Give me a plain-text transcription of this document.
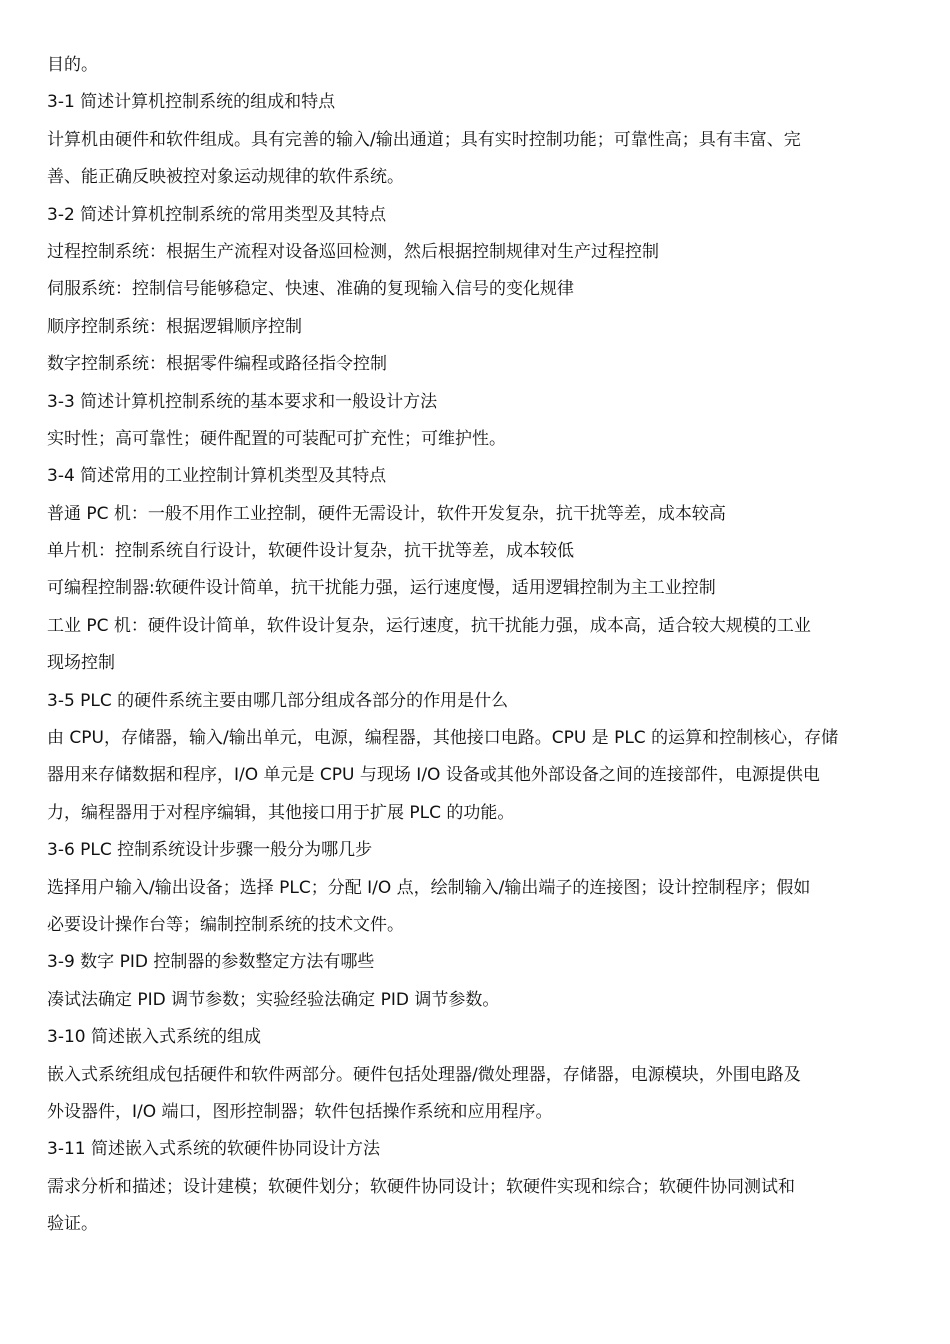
目的。
3-1 简述计算机控制系统的组成和特点
计算机由硬件和软件组成。具有完善的输入/输出通道；具有实时控制功能；可靠性高；具有丰富、完
善、能正确反映被控对象运动规律的软件系统。
3-2 简述计算机控制系统的常用类型及其特点
过程控制系统：根据生产流程对设备巡回检测，然后根据控制规律对生产过程控制
伺服系统：控制信号能够稳定、快速、准确的复现输入信号的变化规律
顺序控制系统：根据逻辑顺序控制
数字控制系统：根据零件编程或路径指令控制
3-3 简述计算机控制系统的基本要求和一般设计方法
实时性；高可靠性；硬件配置的可装配可扩充性；可维护性。
3-4 简述常用的工业控制计算机类型及其特点
普通 PC 机：一般不用作工业控制，硬件无需设计，软件开发复杂，抗干扰等差，成本较高
单片机：控制系统自行设计，软硬件设计复杂，抗干扰等差，成本较低
可编程控制器:软硬件设计简单，抗干扰能力强，运行速度慢，适用逻辑控制为主工业控制
工业 PC 机：硬件设计简单，软件设计复杂，运行速度，抗干扰能力强，成本高，适合较大规模的工业
现场控制
3-5 PLC 的硬件系统主要由哪几部分组成各部分的作用是什么
由 CPU，存储器，输入/输出单元，电源，编程器，其他接口电路。CPU 是 PLC 的运算和控制核心，存储
器用来存储数据和程序，I/O 单元是 CPU 与现场 I/O 设备或其他外部设备之间的连接部件，电源提供电
力，编程器用于对程序编辑，其他接口用于扩展 PLC 的功能。
3-6 PLC 控制系统设计步骤一般分为哪几步
选择用户输入/输出设备；选择 PLC；分配 I/O 点，绘制输入/输出端子的连接图；设计控制程序；假如
必要设计操作台等；编制控制系统的技术文件。
3-9 数字 PID 控制器的参数整定方法有哪些
凑试法确定 PID 调节参数；实验经验法确定 PID 调节参数。
3-10 简述嵌入式系统的组成
嵌入式系统组成包括硬件和软件两部分。硬件包括处理器/微处理器，存储器，电源模块，外围电路及
外设器件，I/O 端口，图形控制器；软件包括操作系统和应用程序。
3-11 简述嵌入式系统的软硬件协同设计方法
需求分析和描述；设计建模；软硬件划分；软硬件协同设计；软硬件实现和综合；软硬件协同测试和
验证。
